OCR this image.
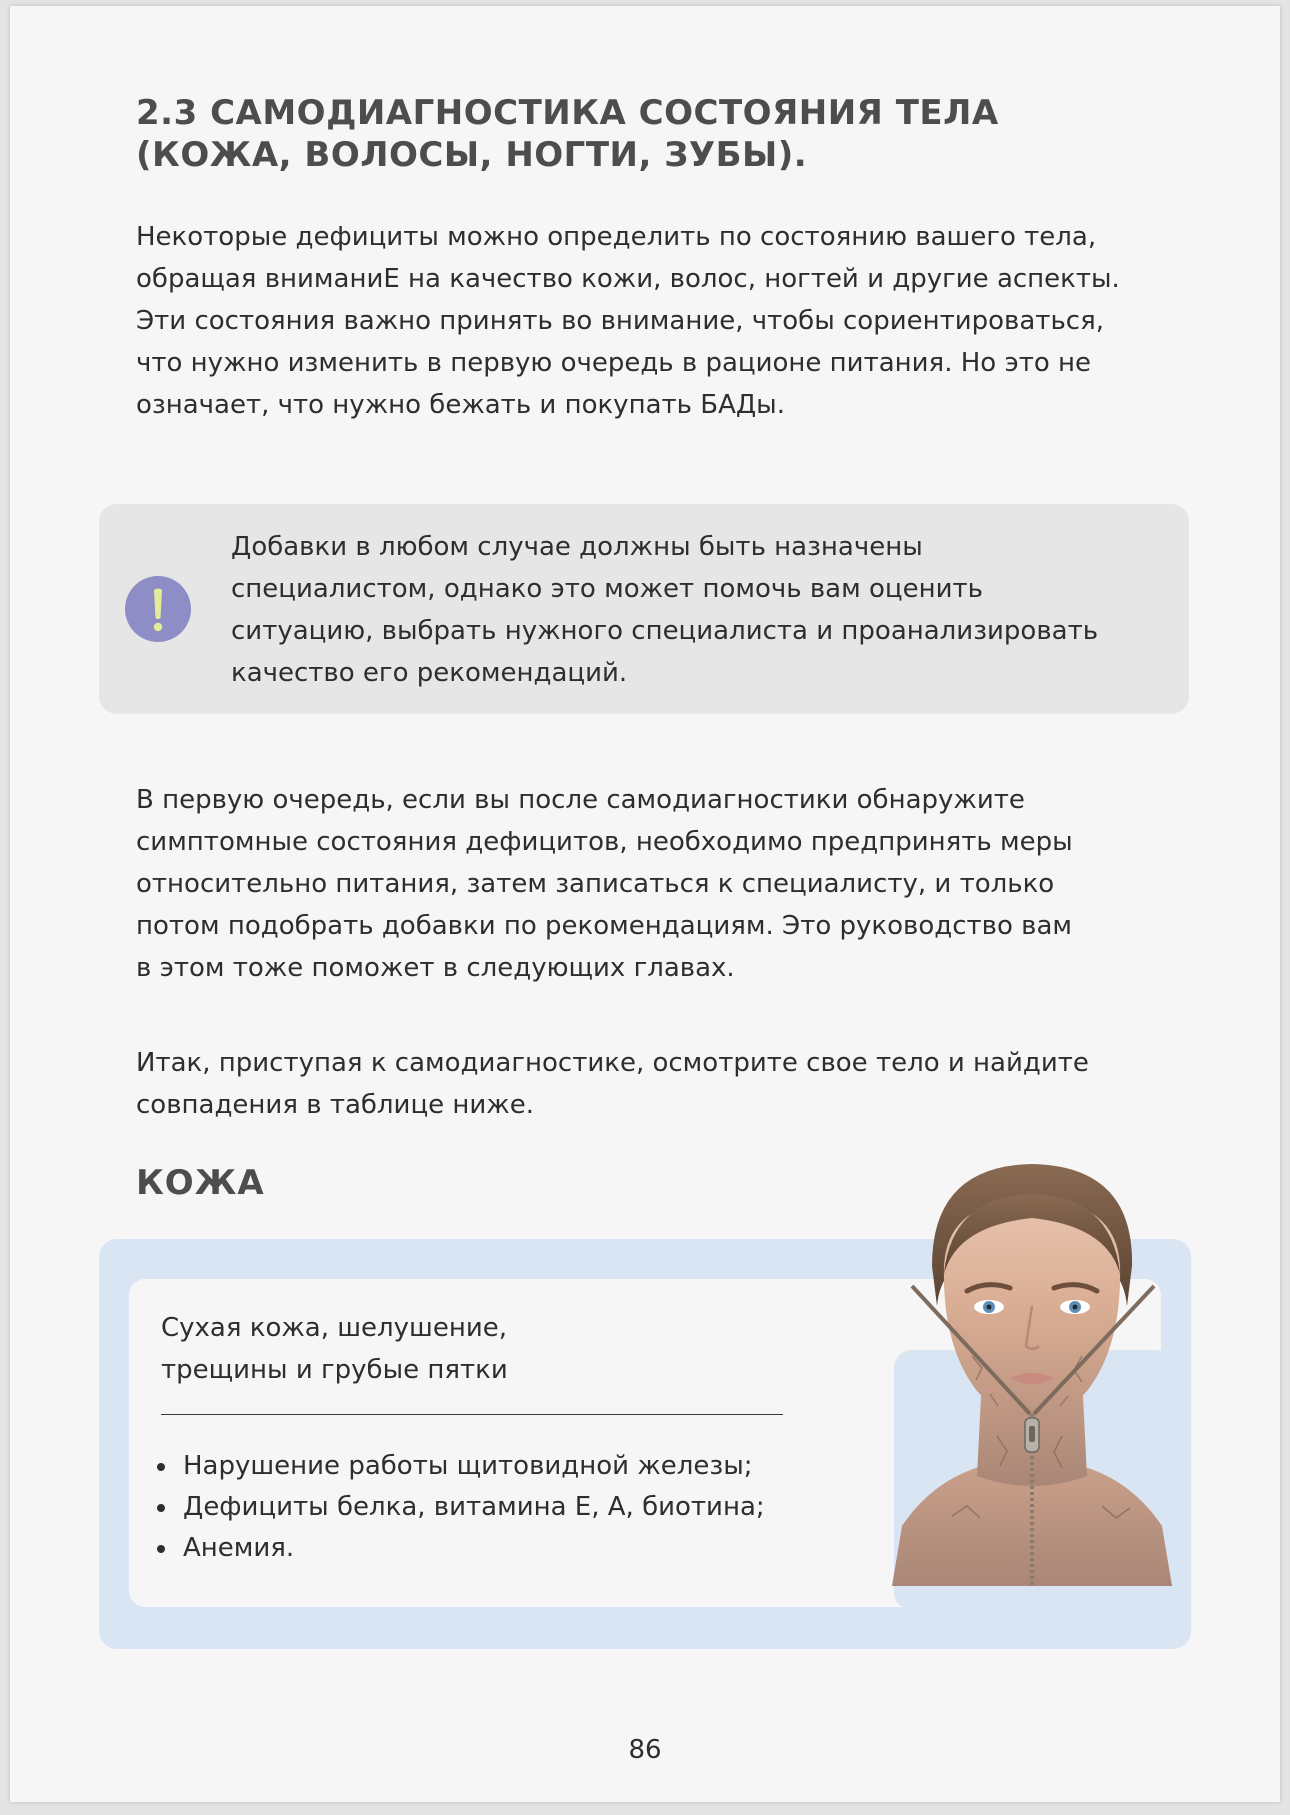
2.3 САМОДИАГНОСТИКА СОСТОЯНИЯ ТЕЛА
(КОЖА, ВОЛОСЫ, НОГТИ, ЗУБЫ).

Некоторые дефициты можно определить по состоянию вашего тела,
обращая вниманиЕ на качество кожи, волос, ногтей и другие аспекты.
Эти состояния важно принять во внимание, чтобы сориентироваться,
что нужно изменить в первую очередь в рационе питания. Но это не
означает, что нужно бежать и покупать БАДы.

Добавки в любом случае должны быть назначены
специалистом, однако это может помочь вам оценить
ситуацию, выбрать нужного специалиста и проанализировать
качество его рекомендаций.

В первую очередь, если вы после самодиагностики обнаружите
симптомные состояния дефицитов, необходимо предпринять меры
относительно питания, затем записаться к специалисту, и только
потом подобрать добавки по рекомендациям. Это руководство вам
в этом тоже поможет в следующих главах.

Итак, приступая к самодиагностике, осмотрите свое тело и найдите
совпадения в таблице ниже.

КОЖА

Сухая кожа, шелушение,
трещины и грубые пятки

Нарушение работы щитовидной железы;
Дефициты белка, витамина Е, А, биотина;
Анемия.

86
